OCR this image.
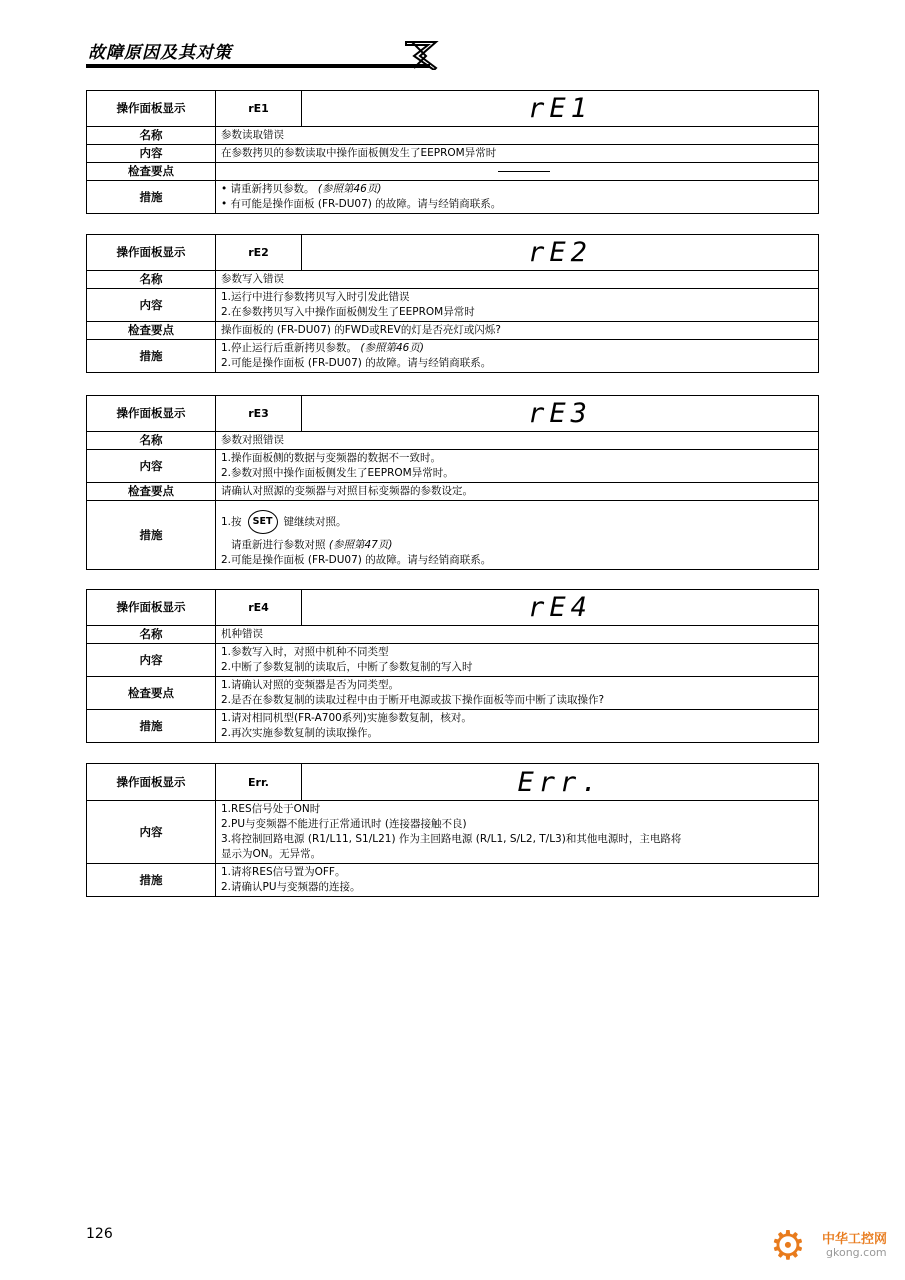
故障原因及其对策
操作面板显示	rE1	rE1

名称	参数读取错误	
内容	在参数拷贝的参数读取中操作面板侧发生了EEPROM异常时	

检查要点		

措施	• 请重新拷贝参数。 (参照第46页)
• 有可能是操作面板 (FR-DU07) 的故障。请与经销商联系。	
操作面板显示	rE2	rE2

名称	参数写入错误	
内容	1.运行中进行参数拷贝写入时引发此错误
2.在参数拷贝写入中操作面板侧发生了EEPROM异常时	

检查要点	操作面板的 (FR-DU07) 的FWD或REV的灯是否亮灯或闪烁?	

措施	1.停止运行后重新拷贝参数。 (参照第46页)
2.可能是操作面板 (FR-DU07) 的故障。请与经销商联系。	
操作面板显示	rE3	rE3

名称	参数对照错误	
内容	1.操作面板侧的数据与变频器的数据不一致时。
2.参数对照中操作面板侧发生了EEPROM异常时。	

检查要点	请确认对照源的变频器与对照目标变频器的参数设定。	

措施	1.按 SET 键继续对照。
请重新进行参数对照 (参照第47页)
2.可能是操作面板 (FR-DU07) 的故障。请与经销商联系。	
操作面板显示	rE4	rE4

名称	机种错误	
内容	1.参数写入时，对照中机种不同类型
2.中断了参数复制的读取后，中断了参数复制的写入时	

检查要点	1.请确认对照的变频器是否为同类型。
2.是否在参数复制的读取过程中由于断开电源或拔下操作面板等而中断了读取操作?	

措施	1.请对相同机型(FR-A700系列)实施参数复制，核对。
2.再次实施参数复制的读取操作。	
操作面板显示	Err.	Err.

内容	1.RES信号处于ON时
2.PU与变频器不能进行正常通讯时 (连接器接触不良)
3.将控制回路电源 (R1/L11, S1/L21) 作为主回路电源 (R/L1, S/L2, T/L3)和其他电源时，主电路将
显示为ON。无异常。	

措施	1.请将RES信号置为OFF。
2.请确认PU与变频器的连接。	
126	⚙ 中华工控网
gkong.com
